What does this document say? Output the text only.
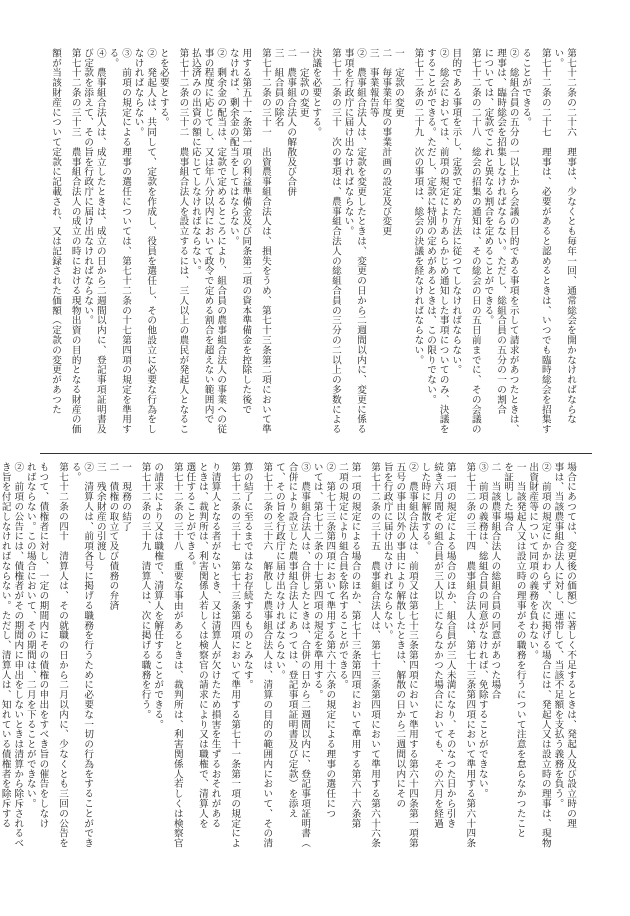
第七十二条の二十六　理事は、少なくとも毎年一回、通常総会を開かなければならな

い。

第七十二条の二十七　理事は、必要があると認めるときは、いつでも臨時総会を招集す

ることができる。

②　総組合員の五分の一以上から会議の目的である事項を示して請求があつたときは、

理事は、臨時総会を招集しなければならない。ただし、総組合員の五分の一の割合

については、定款でこれと異なる割合を定めることができる。

第七十二条の二十八　総会の招集の通知は、その総会の日の五日前までに、その会議の

目的である事項を示し、定款で定めた方法に従つてしなければならない。

②　総会においては、前項の規定によりあらかじめ通知した事項についてのみ、決議を

することができる。ただし、定款に特別の定めがあるときは、この限りでない。

第七十二条の二十九　次の事項は、総会の決議を経なければならない。

一　定款の変更

二　毎事業年度の事業計画の設定及び変更

三　事業報告等

②　農事組合法人は、定款を変更したときは、変更の日から二週間以内に、変更に係る

事項を行政庁に届け出なければならない。

第七十二条の三十　次の事項は、農事組合法人の総組合員の三分の二以上の多数による

決議を必要とする。

一　定款の変更

二　農事組合法人の解散及び合併

三　組合員の除名

第七十二条の三十一　出資農事組合法人は、損失をうめ、第七十三条第二項において準

用する第五十一条第一項の利益準備金及び同条第二項の資本準備金を控除した後で

なければ、剰余金の配当をしてはならない。

②　剰余金の配当は、定款で定めるところにより、組合員の農事組合法人の事業への従

事の程度に応じてし、又は年八分以内において政令で定める割合を超えない範囲内で

払込済みの出資の額に応じてしなければならない。

第七十二条の三十二　農事組合法人を設立するには、三人以上の農民が発起人となるこ

とを必要とする。

②　発起人は、共同して、定款を作成し、役員を選任し、その他設立に必要な行為をし

なければならない。

③　前項の規定による理事の選任については、第七十二条の十七第四項の規定を準用す

る。

④　農事組合法人は、成立したときは、成立の日から二週間以内に、登記事項証明書及

び定款を添えて、その旨を行政庁に届け出なければならない。

第七十二条の三十三　農事組合法人の成立の時における現物出資の目的となる財産の価

額が当該財産について定款に記載され、又は記録された価額（定款の変更があつた

場合にあつては、変更後の価額）に著しく不足するときは、発起人及び設立時の理

事は、当該農事組合法人に対し、連帯して、当該不足額を支払う義務を負う。

②　前項の規定にかかわらず、次に掲げる場合には、発起人又は設立時の理事は、現物

出資財産等について同項の義務を負わない。

一　当該発起人又は設立時の理事がその職務を行うについて注意を怠らなかつたこと

を証明した場合

二　当該農事組合法人の総組合員の同意があつた場合

③　前項の義務は、総組合員の同意がなければ、免除することができない。

第七十二条の三十四　農事組合法人は、第七十三条第四項において準用する第六十四条

第一項の規定による場合のほか、組合員が三人未満になり、そのなつた日から引き

続き六月間その組合員が三人以上にならなかつた場合においても、その六月を経過

した時に解散する。

②　農事組合法人は、前項又は第七十三条第四項において準用する第六十四条第一項第

五号の事由以外の事由により解散したときは、解散の日から二週間以内にその

旨を行政庁に届け出なければならない。

第七十二条の三十五　農事組合法人は、第七十三条第四項において準用する第六十六条

第一項の規定による場合のほか、第七十三条第四項において準用する第六十六条第

二項の規定により組合員を除名することができる。

②　第七十三条第四項において準用する第六十六条の規定による理事の選任につ

いては、第七十二条の十七第四項の規定を準用する。

③　農事組合法人は、合併したときは、合併の日から二週間以内に、登記事項証明書（

合併により設立した農事組合法人にあつては、登記事項証明書及び定款）を添え

て、その旨を行政庁に届け出なければならない。

第七十二条の三十六　解散した農事組合法人は、清算の目的の範囲内において、その清

算の結了に至るまではなお存続するものとみなす。

第七十二条の三十七　第七十三条第四項において準用する第七十一条第一項の規定によ

り清算人となる者がないとき、又は清算人が欠けたため損害を生ずるおそれがある

ときは、裁判所は、利害関係人若しくは検察官の請求により又は職権で、清算人を

選任することができる。

第七十二条の三十八　重要な事由があるときは、裁判所は、利害関係人若しくは検察官

の請求により又は職権で、清算人を解任することができる。

第七十二条の三十九　清算人は、次に掲げる職務を行う。

一　現務の結了

二　債権の取立て及び債務の弁済

三　残余財産の引渡し

②　清算人は、前項各号に掲げる職務を行うために必要な一切の行為をすることができ

る。

第七十二条の四十　清算人は、その就職の日から二月以内に、少なくとも三回の公告を

もつて、債権者に対し、一定の期間内にその債権の申出をすべき旨の催告をしなけ

ればならない。この場合において、その期間は、二月を下ることができない。

②　前項の公告には、債権者がその期間内に申出をしないときは清算から除斥されるべ

き旨を付記しなければならない。ただし、清算人は、知れている債権者を除斥する
